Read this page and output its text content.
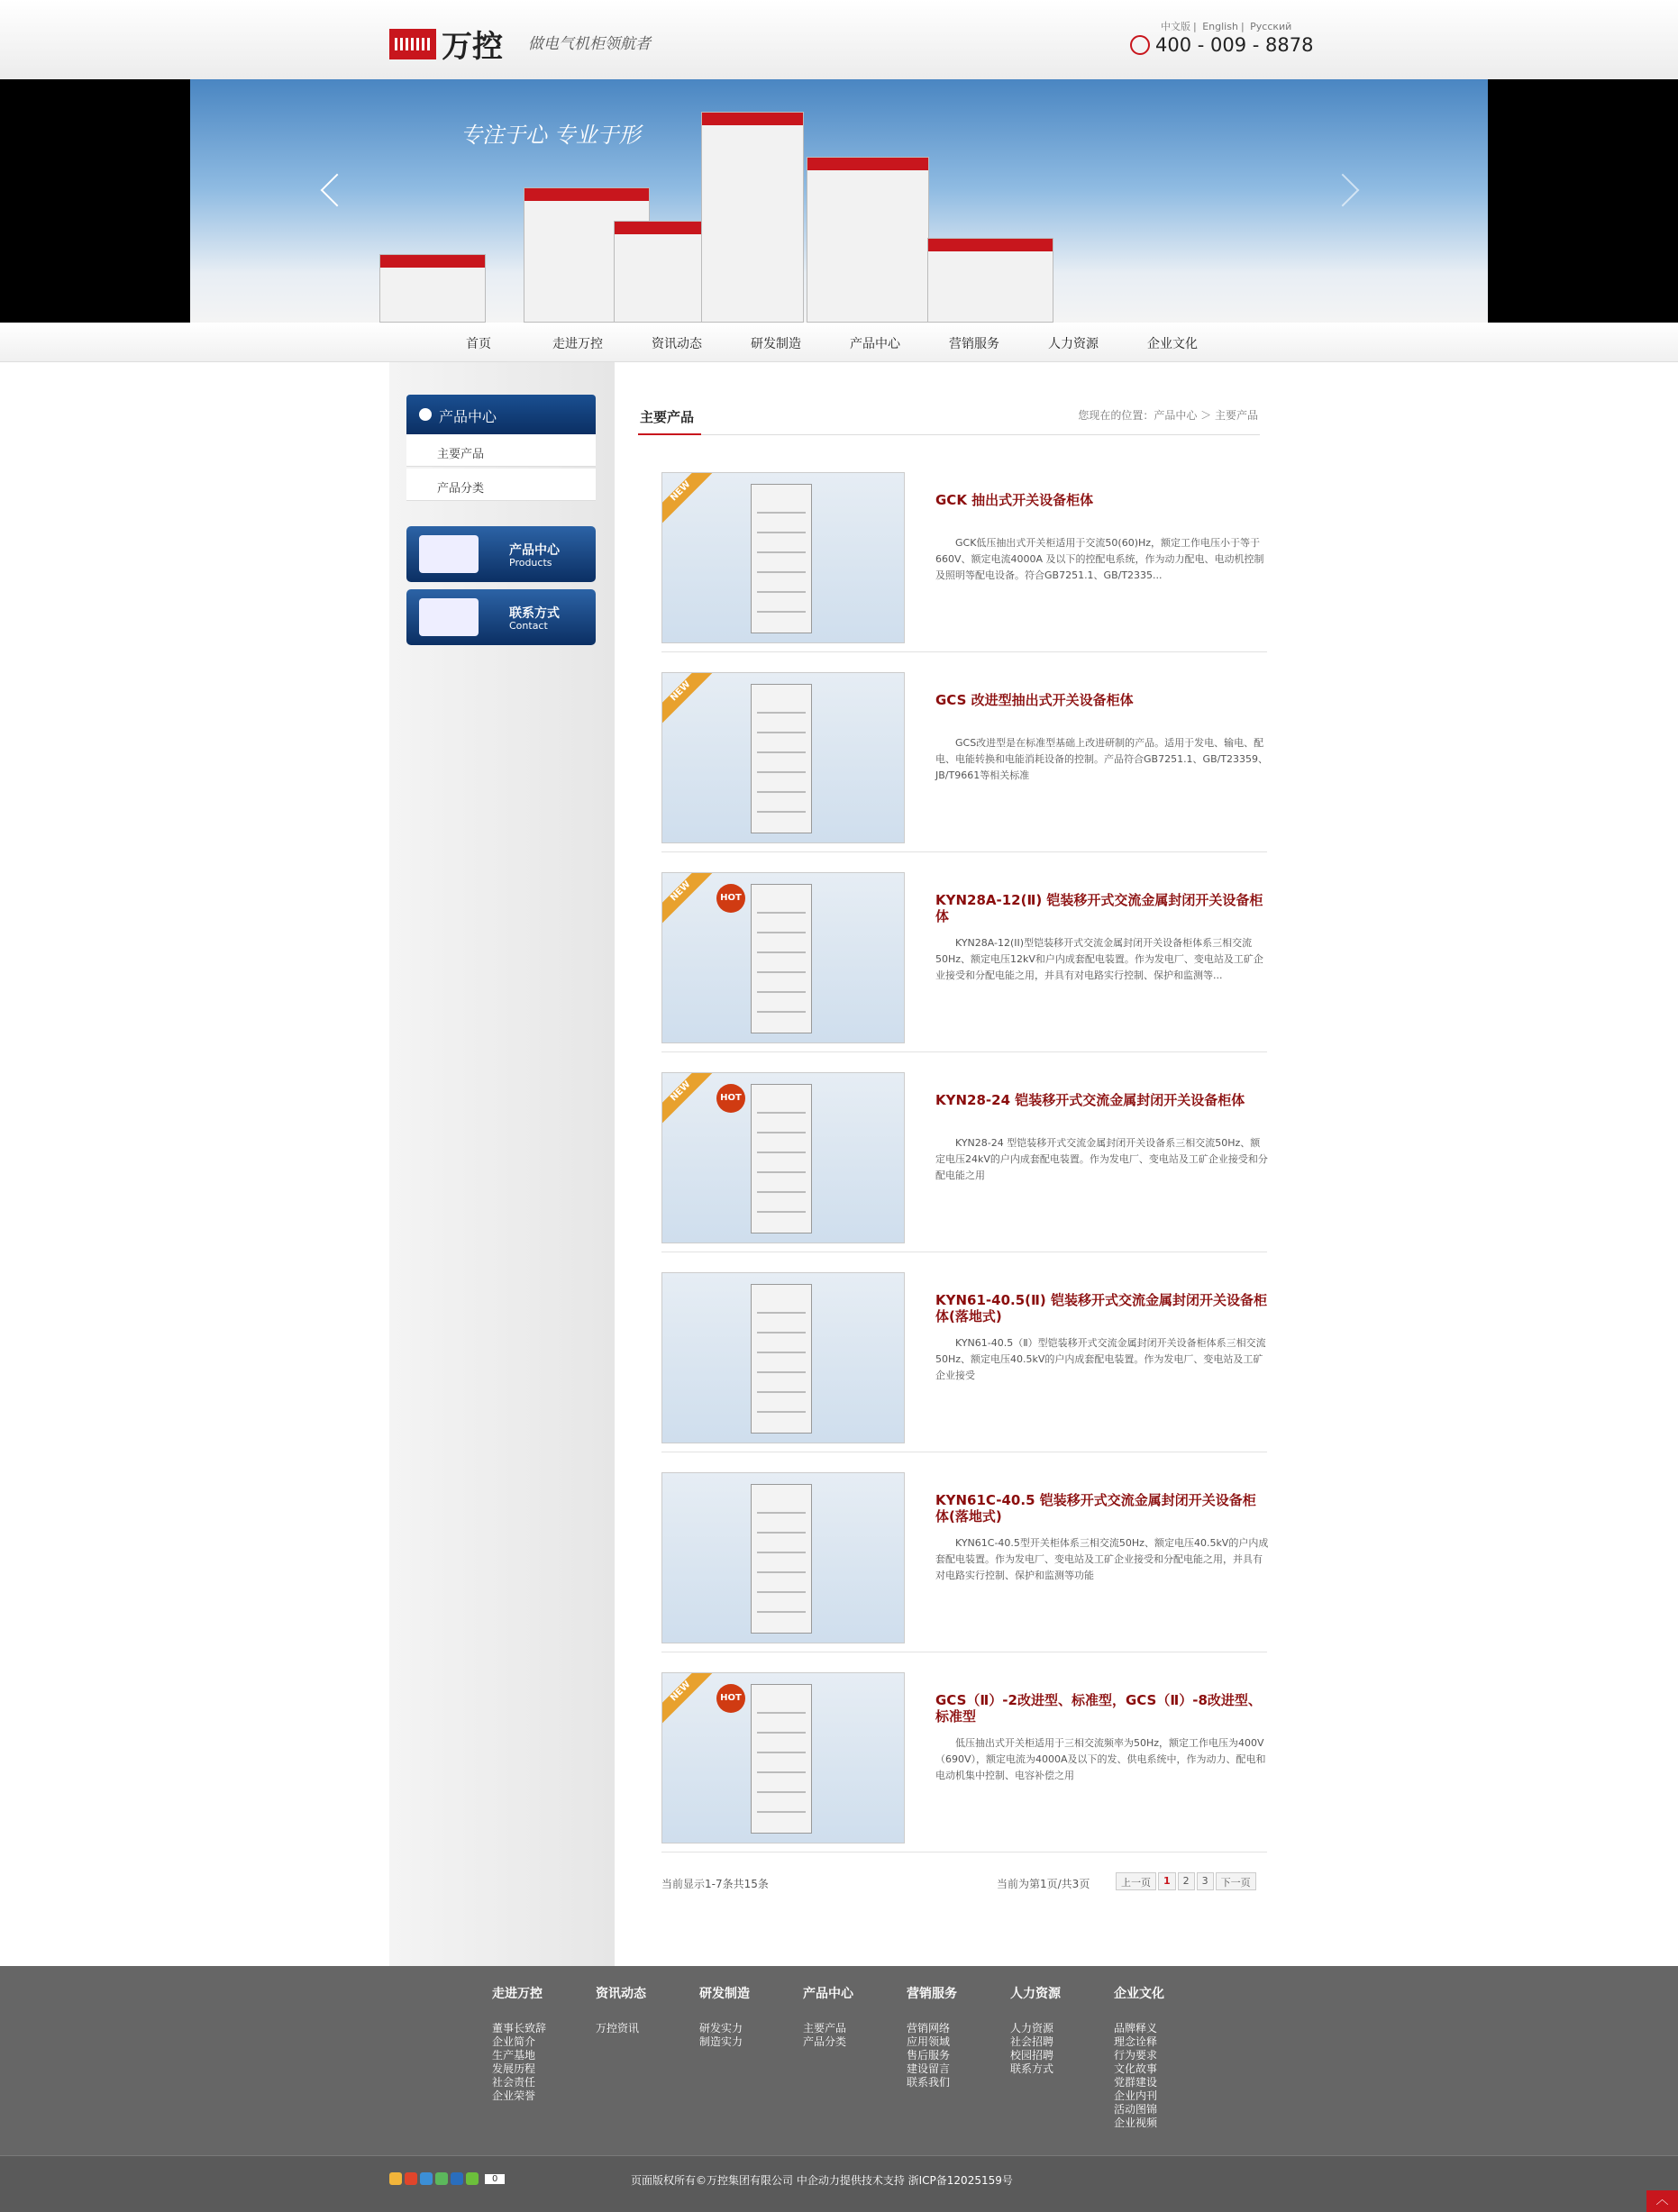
万控 做电气机柜领航者
中文版 | English | Русский
400 - 009 - 8878
专注于心 专业于形
首页	走进万控	资讯动态	研发制造	产品中心	营销服务	人力资源	企业文化
产品中心
主要产品
产品分类
产品中心
Products
联系方式
Contact
主要产品	您现在的位置：产品中心 ＞ 主要产品
NEW	GCK 抽出式开关设备柜体
GCK低压抽出式开关柜适用于交流50(60)Hz，额定工作电压小于等于660V、额定电流4000A 及以下的控配电系统，作为动力配电、电动机控制及照明等配电设备。符合GB7251.1、GB/T2335...
NEW	GCS 改进型抽出式开关设备柜体
GCS改进型是在标准型基础上改进研制的产品。适用于发电、输电、配电、电能转换和电能消耗设备的控制。产品符合GB7251.1、GB/T23359、JB/T9661等相关标准
NEW	HOT	KYN28A-12(Ⅱ) 铠装移开式交流金属封闭开关设备柜体
KYN28A-12(II)型铠装移开式交流金属封闭开关设备柜体系三相交流50Hz、额定电压12kV和户内成套配电装置。作为发电厂、变电站及工矿企业接受和分配电能之用，并具有对电路实行控制、保护和监测等...
NEW	HOT	KYN28-24 铠装移开式交流金属封闭开关设备柜体
KYN28-24 型铠装移开式交流金属封闭开关设备系三相交流50Hz、额定电压24kV的户内成套配电装置。作为发电厂、变电站及工矿企业接受和分配电能之用
KYN61-40.5(Ⅱ) 铠装移开式交流金属封闭开关设备柜体(落地式)
KYN61-40.5（Ⅱ）型铠装移开式交流金属封闭开关设备柜体系三相交流50Hz、额定电压40.5kV的户内成套配电装置。作为发电厂、变电站及工矿企业接受
KYN61C-40.5 铠装移开式交流金属封闭开关设备柜体(落地式)
KYN61C-40.5型开关柜体系三相交流50Hz、额定电压40.5kV的户内成套配电装置。作为发电厂、变电站及工矿企业接受和分配电能之用，并具有对电路实行控制、保护和监测等功能
NEW	HOT	GCS（Ⅱ）-2改进型、标准型，GCS（Ⅱ）-8改进型、标准型
低压抽出式开关柜适用于三相交流频率为50Hz，额定工作电压为400V（690V），额定电流为4000A及以下的发、供电系统中，作为动力、配电和电动机集中控制、电容补偿之用
当前显示1-7条共15条	当前为第1页/共3页	上一页	1	2	3	下一页
走进万控
董事长致辞
企业简介
生产基地
发展历程
社会责任
企业荣誉
资讯动态
万控资讯
研发制造
研发实力
制造实力
产品中心
主要产品
产品分类
营销服务
营销网络
应用领域
售后服务
建设留言
联系我们
人力资源
人力资源
社会招聘
校园招聘
联系方式
企业文化
品牌释义
理念诠释
行为要求
文化故事
党群建设
企业内刊
活动图锦
企业视频
0	页面版权所有©万控集团有限公司 中企动力提供技术支持 浙ICP备12025159号
︿
